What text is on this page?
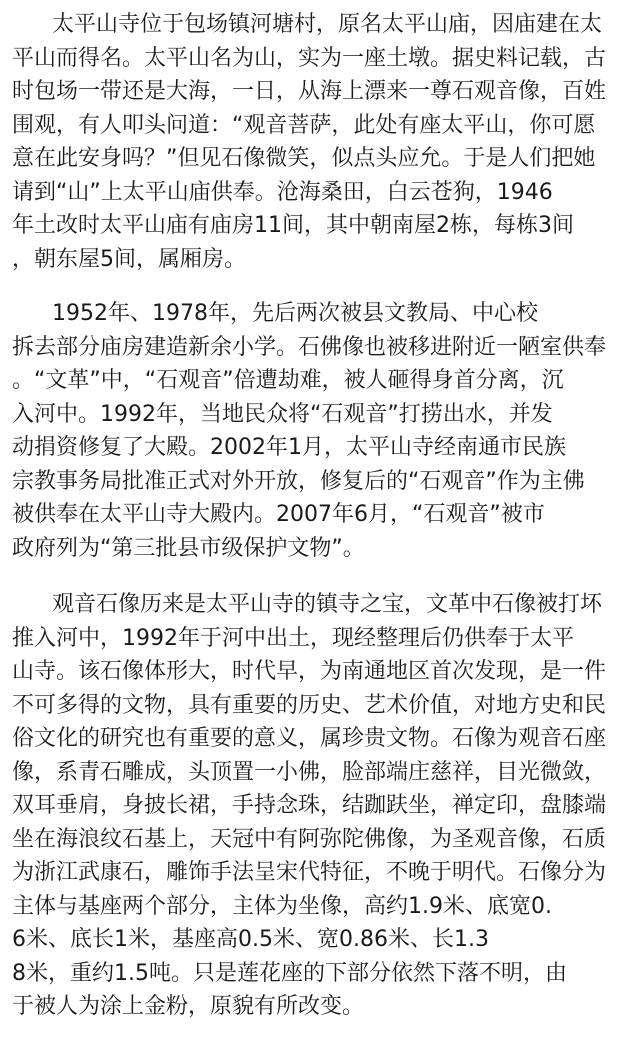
太平山寺位于包场镇河塘村，原名太平山庙，因庙建在太
平山而得名。太平山名为山，实为一座土墩。据史料记载，古
时包场一带还是大海，一日，从海上漂来一尊石观音像，百姓
围观，有人叩头问道：“观音菩萨，此处有座太平山，你可愿
意在此安身吗？”但见石像微笑，似点头应允。于是人们把她
请到“山”上太平山庙供奉。沧海桑田，白云苍狗，1946
年土改时太平山庙有庙房11间，其中朝南屋2栋，每栋3间
，朝东屋5间，属厢房。
1952年、1978年，先后两次被县文教局、中心校
拆去部分庙房建造新余小学。石佛像也被移进附近一陋室供奉
。“文革”中，“石观音”倍遭劫难，被人砸得身首分离，沉
入河中。1992年，当地民众将“石观音”打捞出水，并发
动捐资修复了大殿。2002年1月，太平山寺经南通市民族
宗教事务局批准正式对外开放，修复后的“石观音”作为主佛
被供奉在太平山寺大殿内。2007年6月，“石观音”被市
政府列为“第三批县市级保护文物”。
观音石像历来是太平山寺的镇寺之宝，文革中石像被打坏
推入河中，1992年于河中出土，现经整理后仍供奉于太平
山寺。该石像体形大，时代早，为南通地区首次发现，是一件
不可多得的文物，具有重要的历史、艺术价值，对地方史和民
俗文化的研究也有重要的意义，属珍贵文物。石像为观音石座
像，系青石雕成，头顶置一小佛，脸部端庄慈祥，目光微敛，
双耳垂肩，身披长裙，手持念珠，结跏趺坐，禅定印，盘膝端
坐在海浪纹石基上，天冠中有阿弥陀佛像，为圣观音像，石质
为浙江武康石，雕饰手法呈宋代特征，不晚于明代。石像分为
主体与基座两个部分，主体为坐像，高约1.9米、底宽0.
6米、底长1米，基座高0.5米、宽0.86米、长1.3
8米，重约1.5吨。只是莲花座的下部分依然下落不明，由
于被人为涂上金粉，原貌有所改变。
